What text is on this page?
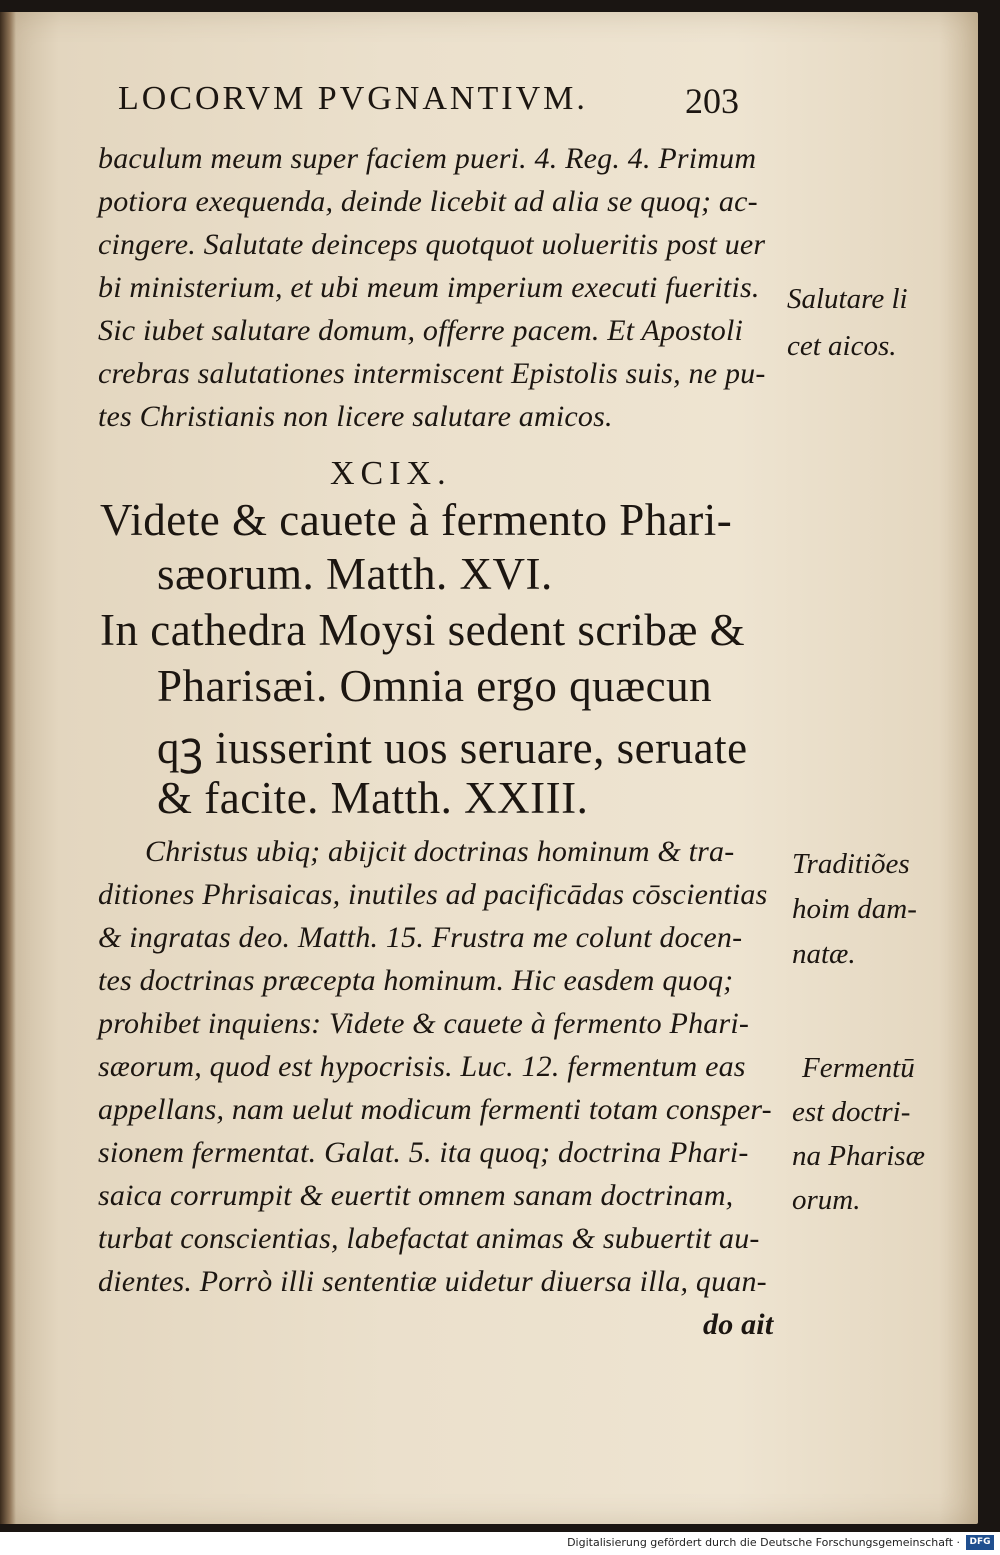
LOCORVM PVGNANTIVM.	203

baculum meum super faciem pueri. 4. Reg. 4. Primum

potiora exequenda, deinde licebit ad alia se quoq; ac-

cingere. Salutate deinceps quotquot uolueritis post uer

bi ministerium, et ubi meum imperium executi fueritis.

Sic iubet salutare domum, offerre pacem. Et Apostoli

crebras salutationes intermiscent Epistolis suis, ne pu-

tes Christianis non licere salutare amicos.

Salutare li

cet aicos.

XCIX.

Videte & cauete à fermento Phari-

sæorum. Matth. XVI.

In cathedra Moysi sedent scribæ &

Pharisæi. Omnia ergo quæcun

qꝫ iusserint uos seruare, seruate

& facite. Matth. XXIII.

Christus ubiq; abijcit doctrinas hominum & tra-

ditiones Phrisaicas, inutiles ad pacificādas cōscientias

& ingratas deo. Matth. 15. Frustra me colunt docen-

tes doctrinas præcepta hominum. Hic easdem quoq;

prohibet inquiens: Videte & cauete à fermento Phari-

sæorum, quod est hypocrisis. Luc. 12. fermentum eas

appellans, nam uelut modicum fermenti totam consper-

sionem fermentat. Galat. 5. ita quoq; doctrina Phari-

saica corrumpit & euertit omnem sanam doctrinam,

turbat conscientias, labefactat animas & subuertit au-

dientes. Porrò illi sententiæ uidetur diuersa illa, quan-

do ait

Traditiões

hoim dam-

natæ.

Fermentū

est doctri-

na Pharisæ

orum.

Digitalisierung gefördert durch die Deutsche Forschungsgemeinschaft ·	DFG
